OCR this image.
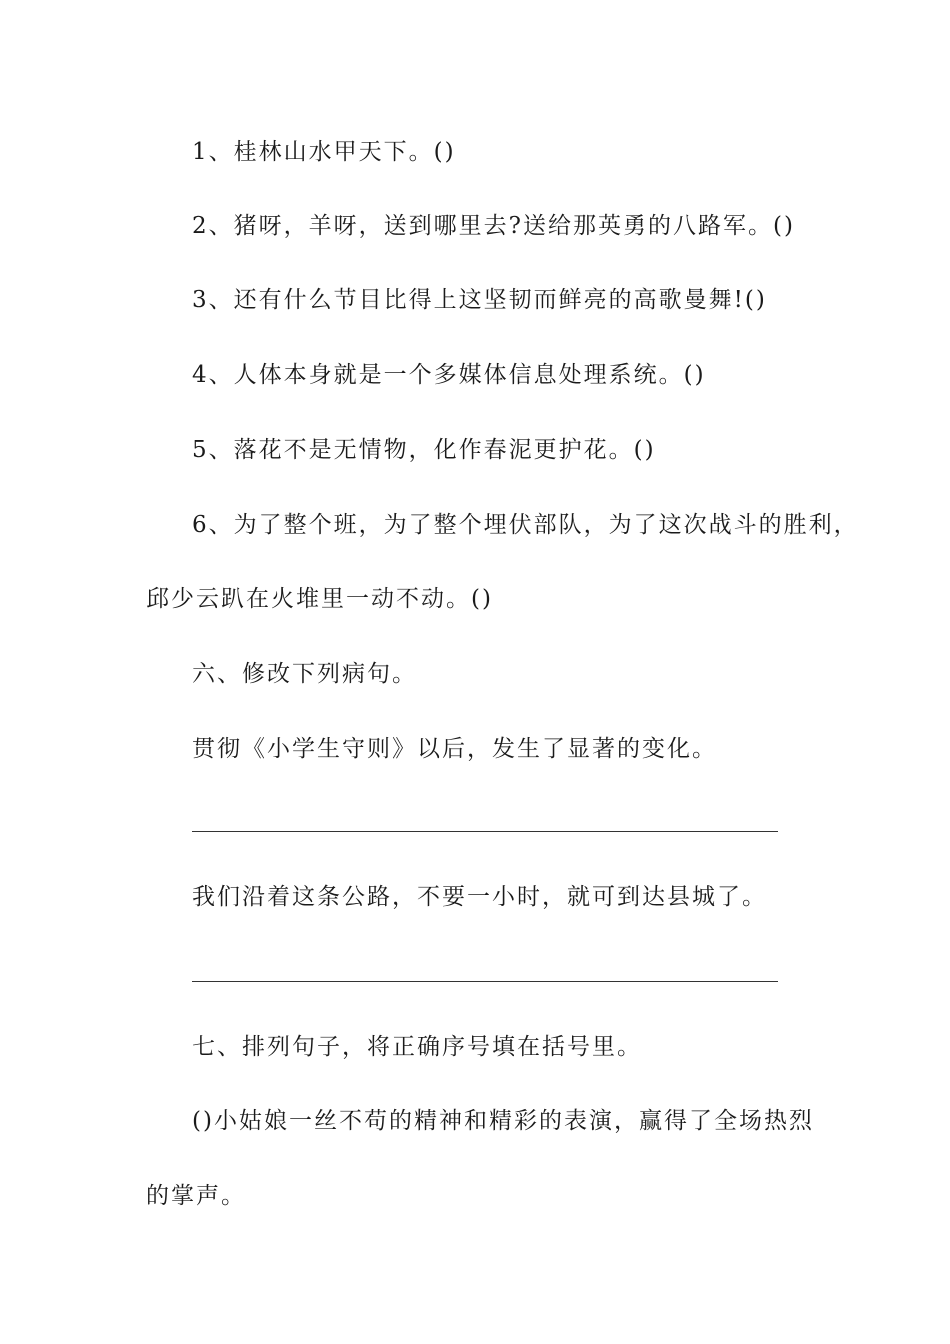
1、桂林山水甲天下。()
2、猪呀，羊呀，送到哪里去?送给那英勇的八路军。()
3、还有什么节目比得上这坚韧而鲜亮的高歌曼舞!()
4、人体本身就是一个多媒体信息处理系统。()
5、落花不是无情物，化作春泥更护花。()
6、为了整个班，为了整个埋伏部队，为了这次战斗的胜利，
邱少云趴在火堆里一动不动。()
六、修改下列病句。
贯彻《小学生守则》以后，发生了显著的变化。
我们沿着这条公路，不要一小时，就可到达县城了。
七、排列句子，将正确序号填在括号里。
()小姑娘一丝不苟的精神和精彩的表演，赢得了全场热烈
的掌声。
